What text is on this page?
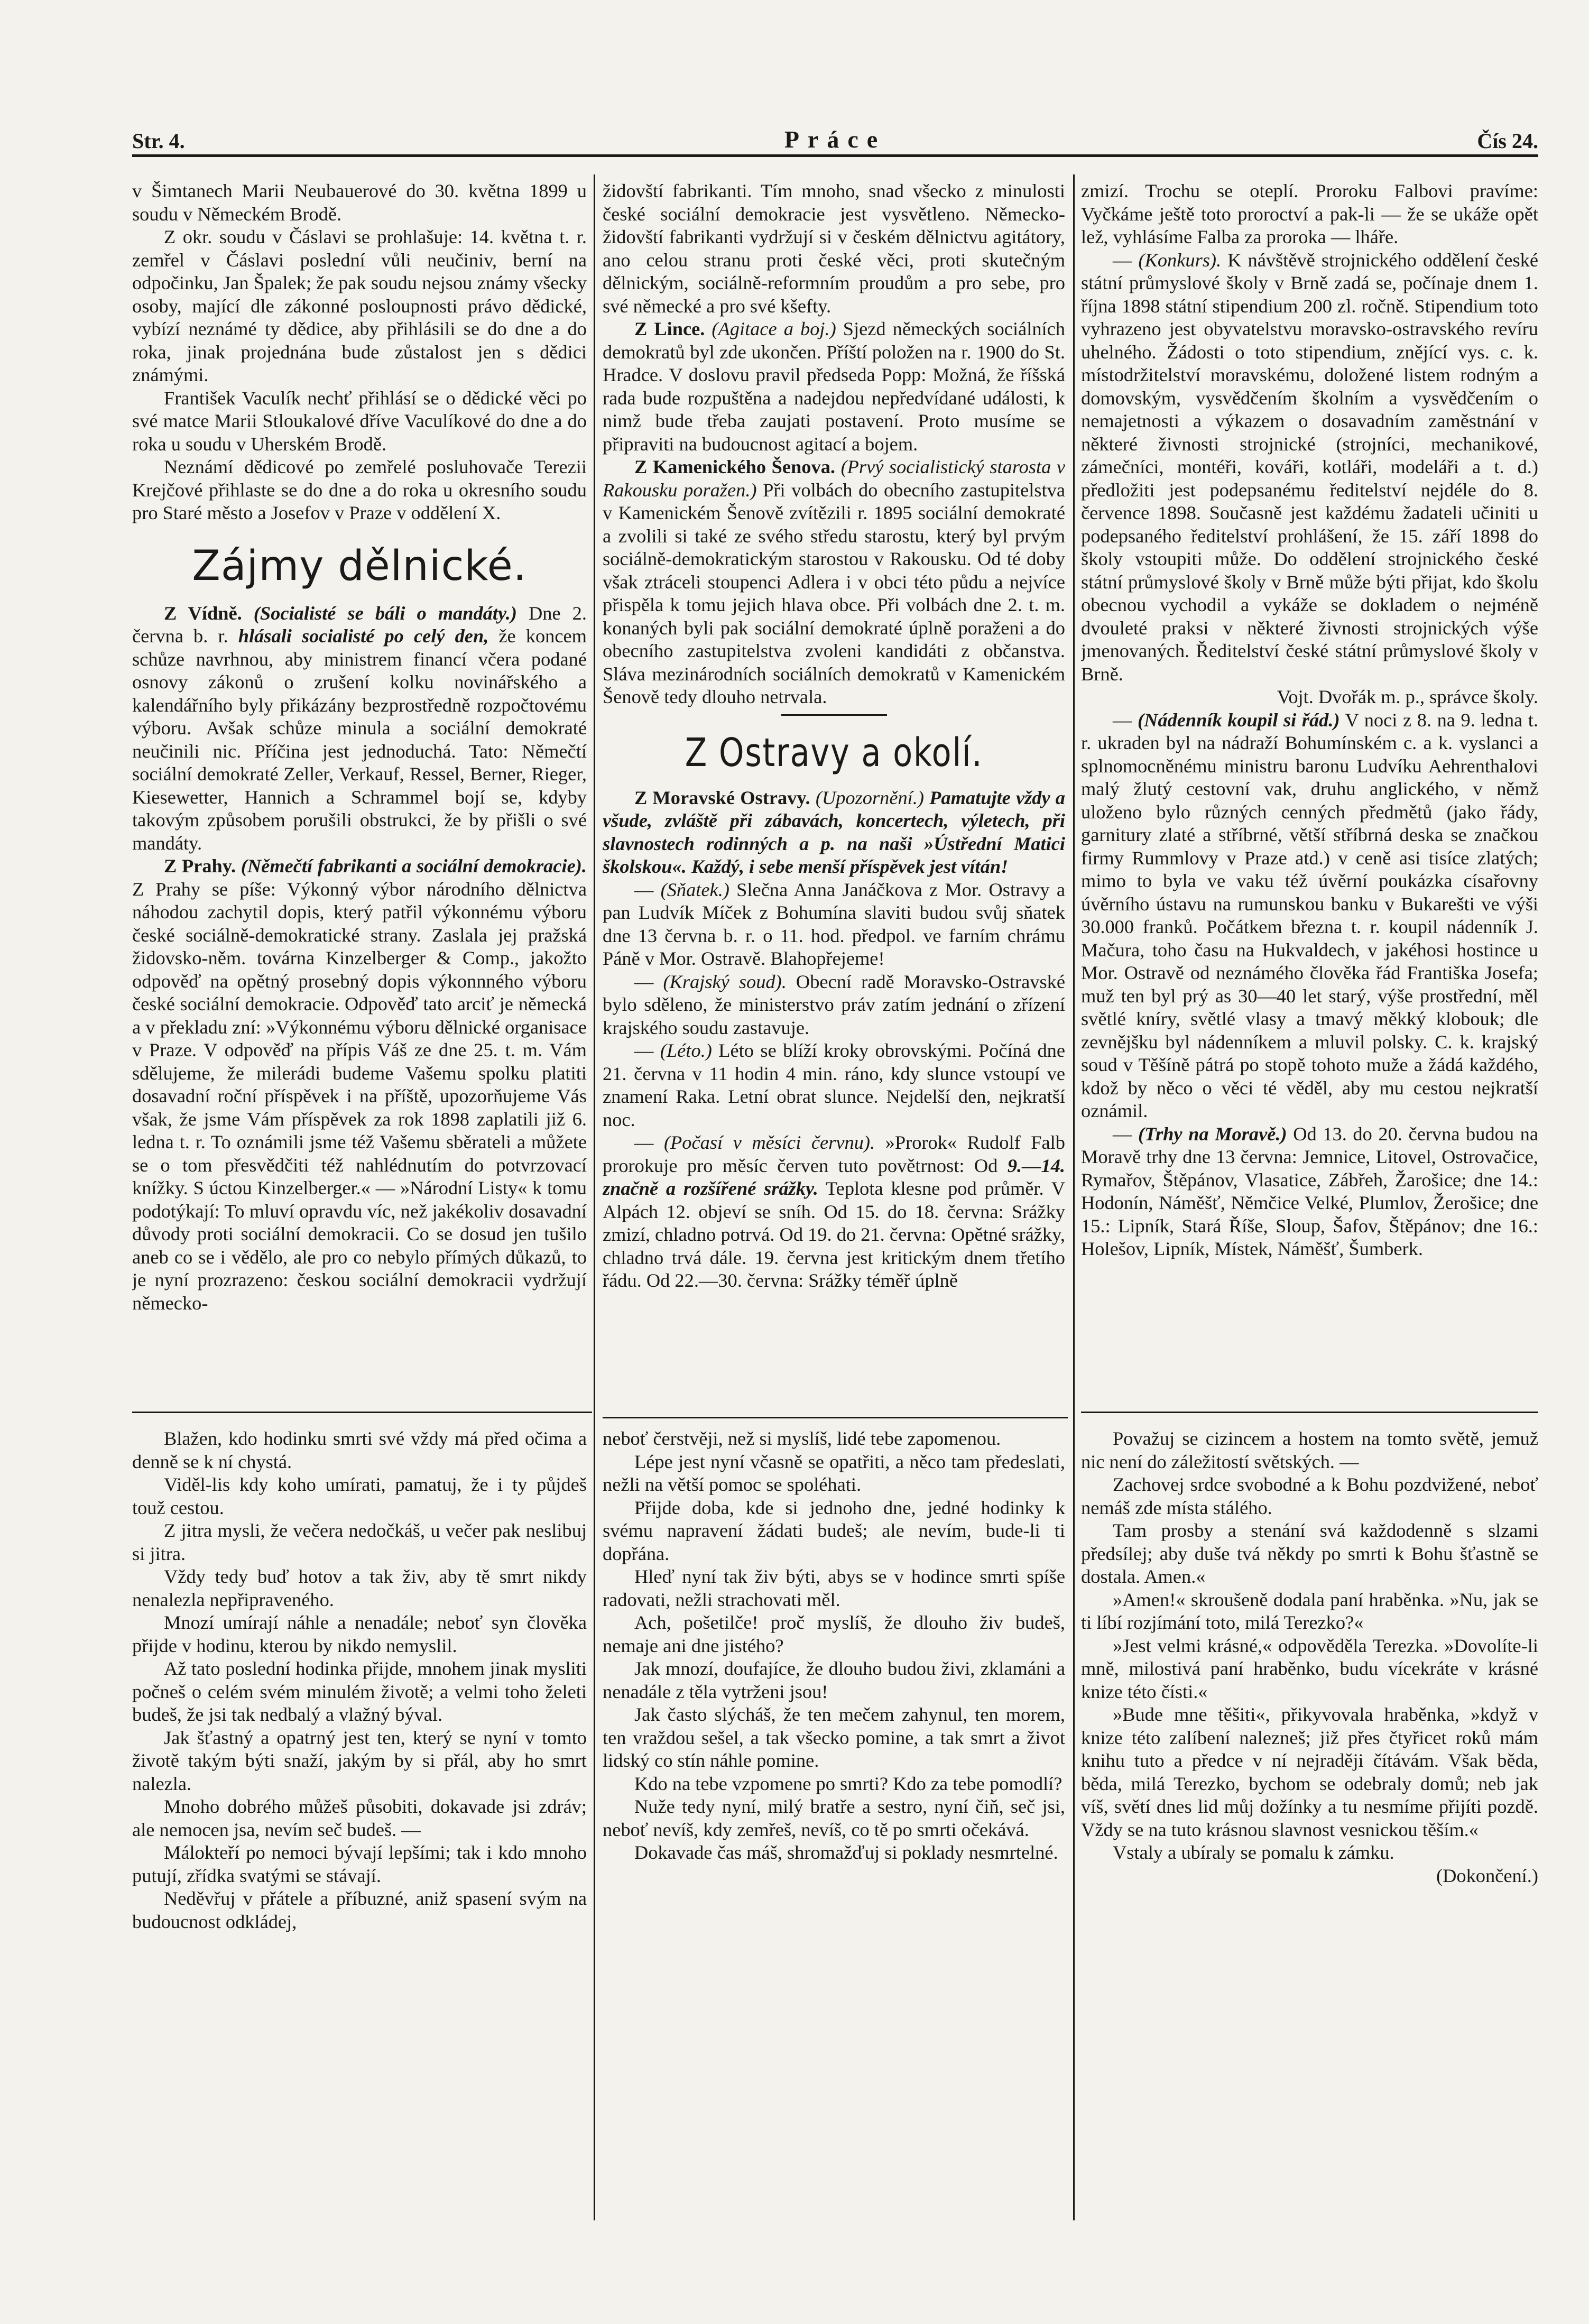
Str. 4.	Práce	Čís 24.

v Šimtanech Marii Neubauerové do 30. května 1899 u soudu v Německém Brodě.

Z okr. soudu v Čáslavi se prohlašuje: 14. května t. r. zemřel v Čáslavi poslední vůli neučiniv, berní na odpočinku, Jan Špalek; že pak soudu nejsou známy všecky osoby, mající dle zákonné posloupnosti právo dědické, vybízí neznámé ty dědice, aby přihlásili se do dne a do roka, jinak projednána bude zůstalost jen s dědici známými.

František Vaculík nechť přihlásí se o dědické věci po své matce Marii Stloukalové dříve Vaculíkové do dne a do roka u soudu v Uherském Brodě.

Neznámí dědicové po zemřelé posluhovače Terezii Krejčové přihlaste se do dne a do roka u okresního soudu pro Staré město a Josefov v Praze v oddělení X.

Zájmy dělnické.

Z Vídně. (Socialisté se báli o mandáty.) Dne 2. června b. r. hlásali socialisté po celý den, že koncem schůze navrhnou, aby ministrem financí včera podané osnovy zákonů o zrušení kolku novinářského a kalendářního byly přikázány bezprostředně rozpočtovému výboru. Avšak schůze minula a sociální demokraté neučinili nic. Příčina jest jednoduchá. Tato: Němečtí sociální demokraté Zeller, Verkauf, Ressel, Berner, Rieger, Kiesewetter, Hannich a Schrammel bojí se, kdyby takovým způsobem porušili obstrukci, že by přišli o své mandáty.

Z Prahy. (Němečtí fabrikanti a sociální demokracie). Z Prahy se píše: Výkonný výbor národního dělnictva náhodou zachytil dopis, který patřil výkonnému výboru české sociálně-demokratické strany. Zaslala jej pražská židovsko-něm. továrna Kinzelberger & Comp., jakožto odpověď na opětný prosebný dopis výkonnného výboru české sociální demokracie. Odpověď tato arciť je německá a v překladu zní: »Výkonnému výboru dělnické organisace v Praze. V odpověď na přípis Váš ze dne 25. t. m. Vám sdělujeme, že milerádi budeme Vašemu spolku platiti dosavadní roční příspěvek i na příště, upozorňujeme Vás však, že jsme Vám příspěvek za rok 1898 zaplatili již 6. ledna t. r. To oznámili jsme též Vašemu sběrateli a můžete se o tom přesvědčiti též nahlédnutím do potvrzovací knížky. S úctou Kinzelberger.« — »Národní Listy« k tomu podotýkají: To mluví opravdu víc, než jakékoliv dosavadní důvody proti sociální demokracii. Co se dosud jen tušilo aneb co se i vědělo, ale pro co nebylo přímých důkazů, to je nyní prozrazeno: českou sociální demokracii vydržují německo-

židovští fabrikanti. Tím mnoho, snad všecko z minulosti české sociální demokracie jest vysvětleno. Německo-židovští fabrikanti vydržují si v českém dělnictvu agitátory, ano celou stranu proti české věci, proti skutečným dělnickým, sociálně-reformním proudům a pro sebe, pro své německé a pro své kšefty.

Z Lince. (Agitace a boj.) Sjezd německých sociálních demokratů byl zde ukončen. Příští položen na r. 1900 do St. Hradce. V doslovu pravil předseda Popp: Možná, že říšská rada bude rozpuštěna a nadejdou nepředvídané události, k nimž bude třeba zaujati postavení. Proto musíme se připraviti na budoucnost agitací a bojem.

Z Kamenického Šenova. (Prvý socialistický starosta v Rakousku poražen.) Při volbách do obecního zastupitelstva v Kamenickém Šenově zvítězili r. 1895 sociální demokraté a zvolili si také ze svého středu starostu, který byl prvým sociálně-demokratickým starostou v Rakousku. Od té doby však ztráceli stoupenci Adlera i v obci této půdu a nejvíce přispěla k tomu jejich hlava obce. Při volbách dne 2. t. m. konaných byli pak sociální demokraté úplně poraženi a do obecního zastupitelstva zvoleni kandidáti z občanstva. Sláva mezinárodních sociálních demokratů v Kamenickém Šenově tedy dlouho netrvala.

Z Ostravy a okolí.

Z Moravské Ostravy. (Upozornění.) Pamatujte vždy a všude, zvláště při zábavách, koncertech, výletech, při slavnostech rodinných a p. na naši »Ústřední Matici školskou«. Každý, i sebe menší příspěvek jest vítán!

— (Sňatek.) Slečna Anna Janáčkova z Mor. Ostravy a pan Ludvík Míček z Bohumína slaviti budou svůj sňatek dne 13 června b. r. o 11. hod. předpol. ve farním chrámu Páně v Mor. Ostravě. Blahopřejeme!

— (Krajský soud). Obecní radě Moravsko-Ostravské bylo sděleno, že ministerstvo práv zatím jednání o zřízení krajského soudu zastavuje.

— (Léto.) Léto se blíží kroky obrovskými. Počíná dne 21. června v 11 hodin 4 min. ráno, kdy slunce vstoupí ve znamení Raka. Letní obrat slunce. Nejdelší den, nejkratší noc.

— (Počasí v měsíci červnu). »Prorok« Rudolf Falb prorokuje pro měsíc červen tuto povětrnost: Od 9.—14. značně a rozšířené srážky. Teplota klesne pod průměr. V Alpách 12. objeví se sníh. Od 15. do 18. června: Srážky zmizí, chladno potrvá. Od 19. do 21. června: Opětné srážky, chladno trvá dále. 19. června jest kritickým dnem třetího řádu. Od 22.—30. června: Srážky téměř úplně

zmizí. Trochu se oteplí. Proroku Falbovi pravíme: Vyčkáme ještě toto proroctví a pak-li — že se ukáže opět lež, vyhlásíme Falba za proroka — lháře.

— (Konkurs). K návštěvě strojnického oddělení české státní průmyslové školy v Brně zadá se, počínaje dnem 1. října 1898 státní stipendium 200 zl. ročně. Stipendium toto vyhrazeno jest obyvatelstvu moravsko-ostravského revíru uhelného. Žádosti o toto stipendium, znějící vys. c. k. místodržitelství moravskému, doložené listem rodným a domovským, vysvědčením školním a vysvědčením o nemajetnosti a výkazem o dosavadním zaměstnání v některé živnosti strojnické (strojníci, mechanikové, zámečníci, montéři, kováři, kotláři, modeláři a t. d.) předložiti jest podepsanému ředitelství nejdéle do 8. července 1898. Současně jest každému žadateli učiniti u podepsaného ředitelství prohlášení, že 15. září 1898 do školy vstoupiti může. Do oddělení strojnického české státní průmyslové školy v Brně může býti přijat, kdo školu obecnou vychodil a vykáže se dokladem o nejméně dvouleté praksi v některé živnosti strojnických výše jmenovaných. Ředitelství české státní průmyslové školy v Brně.

Vojt. Dvořák m. p., správce školy.

— (Nádenník koupil si řád.) V noci z 8. na 9. ledna t. r. ukraden byl na nádraží Bohumínském c. a k. vyslanci a splnomocněnému ministru baronu Ludvíku Aehrenthalovi malý žlutý cestovní vak, druhu anglického, v němž uloženo bylo různých cenných předmětů (jako řády, garnitury zlaté a stříbrné, větší stříbrná deska se značkou firmy Rummlovy v Praze atd.) v ceně asi tisíce zlatých; mimo to byla ve vaku též úvěrní poukázka císařovny úvěrního ústavu na rumunskou banku v Bukarešti ve výši 30.000 franků. Počátkem března t. r. koupil nádenník J. Mačura, toho času na Hukvaldech, v jakéhosi hostince u Mor. Ostravě od neznámého člověka řád Františka Josefa; muž ten byl prý as 30—40 let starý, výše prostřední, měl světlé kníry, světlé vlasy a tmavý měkký klobouk; dle zevnějšku byl nádenníkem a mluvil polsky. C. k. krajský soud v Těšíně pátrá po stopě tohoto muže a žádá každého, kdož by něco o věci té věděl, aby mu cestou nejkratší oznámil.

— (Trhy na Moravě.) Od 13. do 20. června budou na Moravě trhy dne 13 června: Jemnice, Litovel, Ostrovačice, Rymařov, Štěpánov, Vlasatice, Zábřeh, Žarošice; dne 14.: Hodonín, Náměšť, Němčice Velké, Plumlov, Žerošice; dne 15.: Lipník, Stará Říše, Sloup, Šafov, Štěpánov; dne 16.: Holešov, Lipník, Místek, Náměšť, Šumberk.

Blažen, kdo hodinku smrti své vždy má před očima a denně se k ní chystá.

Viděl-lis kdy koho umírati, pamatuj, že i ty půjdeš touž cestou.

Z jitra mysli, že večera nedočkáš, u večer pak neslibuj si jitra.

Vždy tedy buď hotov a tak živ, aby tě smrt nikdy nenalezla nepřipraveného.

Mnozí umírají náhle a nenadále; neboť syn člověka přijde v hodinu, kterou by nikdo nemyslil.

Až tato poslední hodinka přijde, mnohem jinak mysliti počneš o celém svém minulém životě; a velmi toho želeti budeš, že jsi tak nedbalý a vlažný býval.

Jak šťastný a opatrný jest ten, který se nyní v tomto životě takým býti snaží, jakým by si přál, aby ho smrt nalezla.

Mnoho dobrého můžeš působiti, dokavade jsi zdráv; ale nemocen jsa, nevím seč budeš. —

Málokteří po nemoci bývají lepšími; tak i kdo mnoho putují, zřídka svatými se stávají.

Neděvřuj v přátele a příbuzné, aniž spasení svým na budoucnost odkládej,

neboť čerstvěji, než si myslíš, lidé tebe zapomenou.

Lépe jest nyní včasně se opatřiti, a něco tam předeslati, nežli na větší pomoc se spoléhati.

Přijde doba, kde si jednoho dne, jedné hodinky k svému napravení žádati budeš; ale nevím, bude-li ti dopřána.

Hleď nyní tak živ býti, abys se v hodince smrti spíše radovati, nežli strachovati měl.

Ach, pošetilče! proč myslíš, že dlouho živ budeš, nemaje ani dne jistého?

Jak mnozí, doufajíce, že dlouho budou živi, zklamáni a nenadále z těla vytrženi jsou!

Jak často slýcháš, že ten mečem zahynul, ten morem, ten vraždou sešel, a tak všecko pomine, a tak smrt a život lidský co stín náhle pomine.

Kdo na tebe vzpomene po smrti? Kdo za tebe pomodlí?

Nuže tedy nyní, milý bratře a sestro, nyní čiň, seč jsi, neboť nevíš, kdy zemřeš, nevíš, co tě po smrti očekává.

Dokavade čas máš, shromažďuj si poklady nesmrtelné.

Považuj se cizincem a hostem na tomto světě, jemuž nic není do záležitostí světských. —

Zachovej srdce svobodné a k Bohu pozdvižené, neboť nemáš zde místa stálého.

Tam prosby a stenání svá každodenně s slzami předsílej; aby duše tvá někdy po smrti k Bohu šťastně se dostala. Amen.«

»Amen!« skroušeně dodala paní hraběnka. »Nu, jak se ti líbí rozjímání toto, milá Terezko?«

»Jest velmi krásné,« odpověděla Terezka. »Dovolíte-li mně, milostivá paní hraběnko, budu vícekráte v krásné knize této čísti.«

»Bude mne těšiti«, přikyvovala hraběnka, »když v knize této zalíbení nalezneš; již přes čtyřicet roků mám knihu tuto a předce v ní nejraději čítávám. Však běda, běda, milá Terezko, bychom se odebraly domů; neb jak víš, světí dnes lid můj dožínky a tu nesmíme přijíti pozdě. Vždy se na tuto krásnou slavnost vesnickou těším.«

Vstaly a ubíraly se pomalu k zámku.

(Dokončení.)
